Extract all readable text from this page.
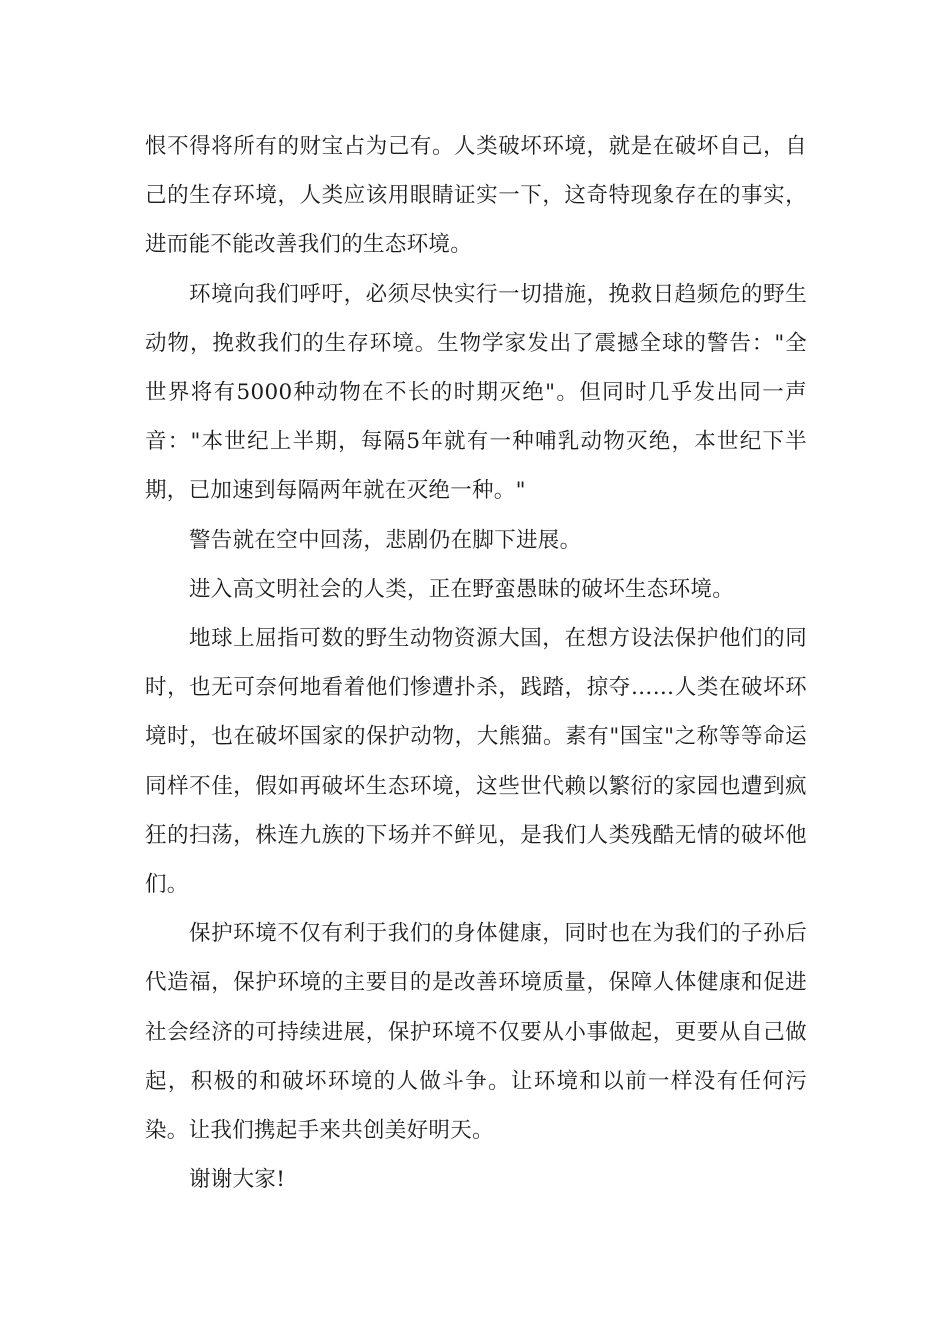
恨不得将所有的财宝占为己有。人类破坏环境，就是在破坏自己，自己的生存环境，人类应该用眼睛证实一下，这奇特现象存在的事实，进而能不能改善我们的生态环境。

环境向我们呼吁，必须尽快实行一切措施，挽救日趋频危的野生动物，挽救我们的生存环境。生物学家发出了震撼全球的警告："全世界将有5000种动物在不长的时期灭绝"。但同时几乎发出同一声音："本世纪上半期，每隔5年就有一种哺乳动物灭绝，本世纪下半期，已加速到每隔两年就在灭绝一种。"

警告就在空中回荡，悲剧仍在脚下进展。

进入高文明社会的人类，正在野蛮愚昧的破坏生态环境。

地球上屈指可数的野生动物资源大国，在想方设法保护他们的同时，也无可奈何地看着他们惨遭扑杀，践踏，掠夺……人类在破坏环境时，也在破坏国家的保护动物，大熊猫。素有"国宝"之称等等命运同样不佳，假如再破坏生态环境，这些世代赖以繁衍的家园也遭到疯狂的扫荡，株连九族的下场并不鲜见，是我们人类残酷无情的破坏他们。

保护环境不仅有利于我们的身体健康，同时也在为我们的子孙后代造福，保护环境的主要目的是改善环境质量，保障人体健康和促进社会经济的可持续进展，保护环境不仅要从小事做起，更要从自己做起，积极的和破坏环境的人做斗争。让环境和以前一样没有任何污染。让我们携起手来共创美好明天。

谢谢大家!
